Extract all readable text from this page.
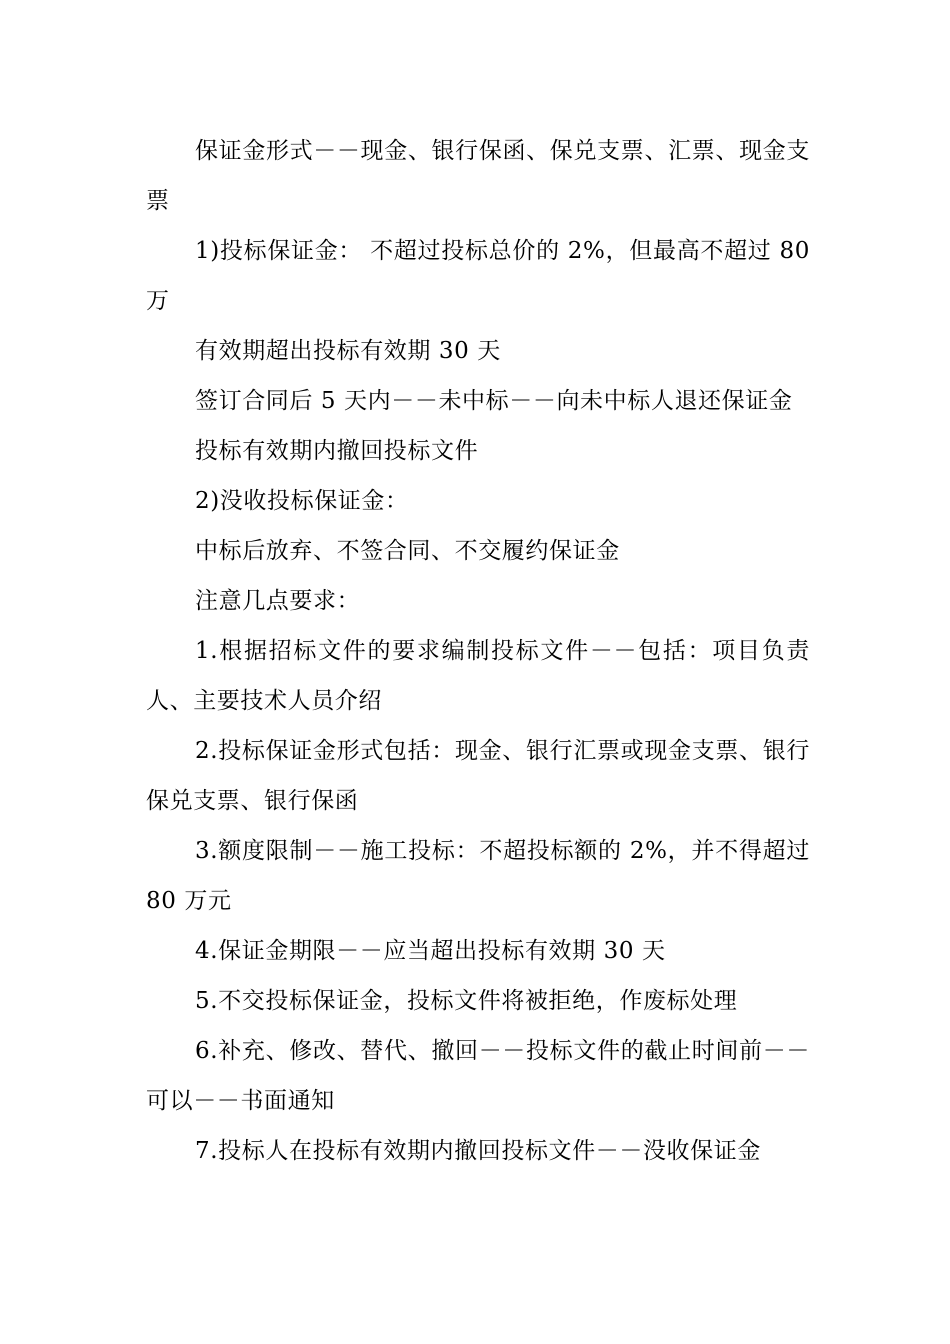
保证金形式－－现金、银行保函、保兑支票、汇票、现金支票

1)投标保证金： 不超过投标总价的 2%，但最高不超过 80 万

有效期超出投标有效期 30 天

签订合同后 5 天内－－未中标－－向未中标人退还保证金

投标有效期内撤回投标文件

2)没收投标保证金：

中标后放弃、不签合同、不交履约保证金

注意几点要求：

1.根据招标文件的要求编制投标文件－－包括：项目负责人、主要技术人员介绍

2.投标保证金形式包括：现金、银行汇票或现金支票、银行保兑支票、银行保函

3.额度限制－－施工投标：不超投标额的 2%，并不得超过 80 万元

4.保证金期限－－应当超出投标有效期 30 天

5.不交投标保证金，投标文件将被拒绝，作废标处理

6.补充、修改、替代、撤回－－投标文件的截止时间前－－可以－－书面通知

7.投标人在投标有效期内撤回投标文件－－没收保证金
